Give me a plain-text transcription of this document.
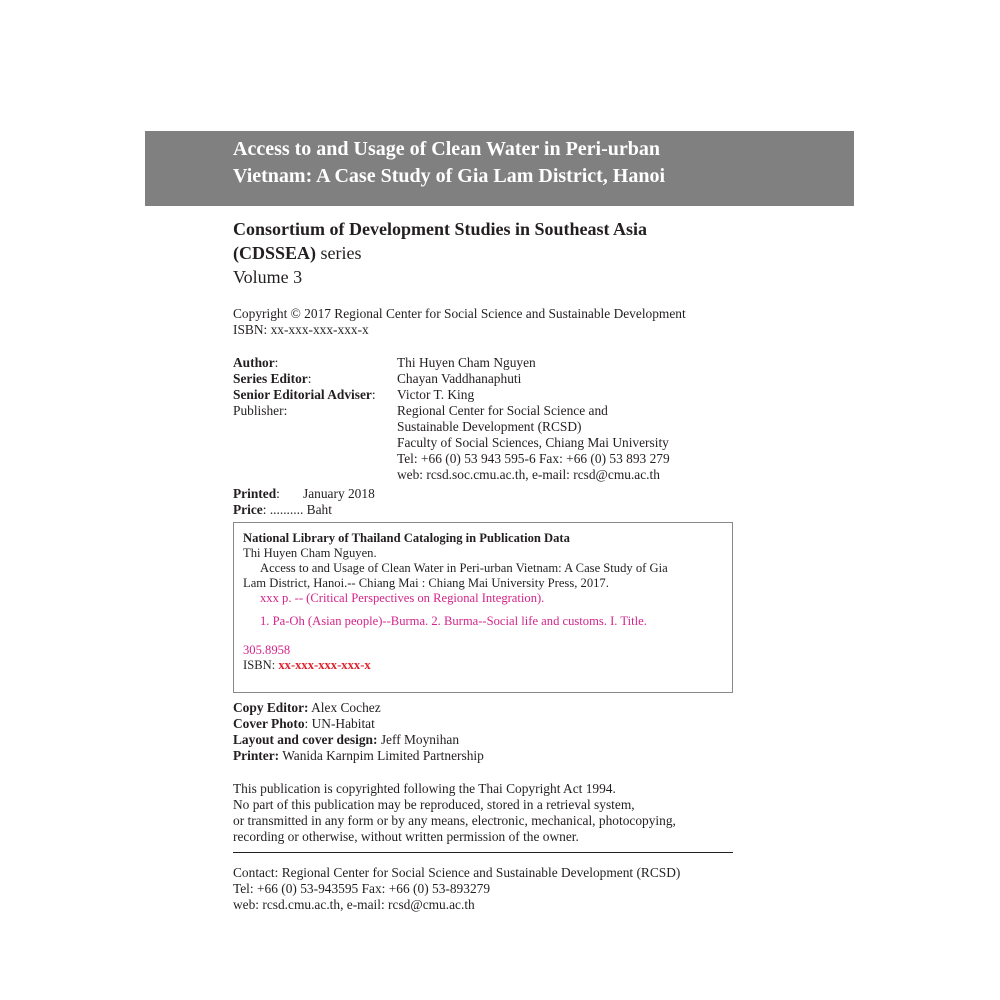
Access to and Usage of Clean Water in Peri-urban
Vietnam: A Case Study of Gia Lam District, Hanoi
Consortium of Development Studies in Southeast Asia
(CDSSEA) series
Volume 3
Copyright © 2017 Regional Center for Social Science and Sustainable Development
ISBN: xx-xxx-xxx-xxx-x
Author:	Thi Huyen Cham Nguyen
Series Editor:	Chayan Vaddhanaphuti
Senior Editorial Adviser:	Victor T. King
Publisher:	Regional Center for Social Science and
Sustainable Development (RCSD)
Faculty of Social Sciences, Chiang Mai University
Tel: +66 (0) 53 943 595-6 Fax: +66 (0) 53 893 279
web: rcsd.soc.cmu.ac.th, e-mail: rcsd@cmu.ac.th
Printed: January 2018
Price: .......... Baht
National Library of Thailand Cataloging in Publication Data
Thi Huyen Cham Nguyen.
Access to and Usage of Clean Water in Peri-urban Vietnam: A Case Study of Gia
Lam District, Hanoi.-- Chiang Mai : Chiang Mai University Press, 2017.
xxx p. -- (Critical Perspectives on Regional Integration).
1. Pa-Oh (Asian people)--Burma. 2. Burma--Social life and customs. I. Title.
305.8958
ISBN: xx-xxx-xxx-xxx-x
Copy Editor: Alex Cochez
Cover Photo: UN-Habitat
Layout and cover design: Jeff Moynihan
Printer: Wanida Karnpim Limited Partnership
This publication is copyrighted following the Thai Copyright Act 1994.
No part of this publication may be reproduced, stored in a retrieval system,
or transmitted in any form or by any means, electronic, mechanical, photocopying,
recording or otherwise, without written permission of the owner.
Contact: Regional Center for Social Science and Sustainable Development (RCSD)
Tel: +66 (0) 53-943595 Fax: +66 (0) 53-893279
web: rcsd.cmu.ac.th, e-mail: rcsd@cmu.ac.th
